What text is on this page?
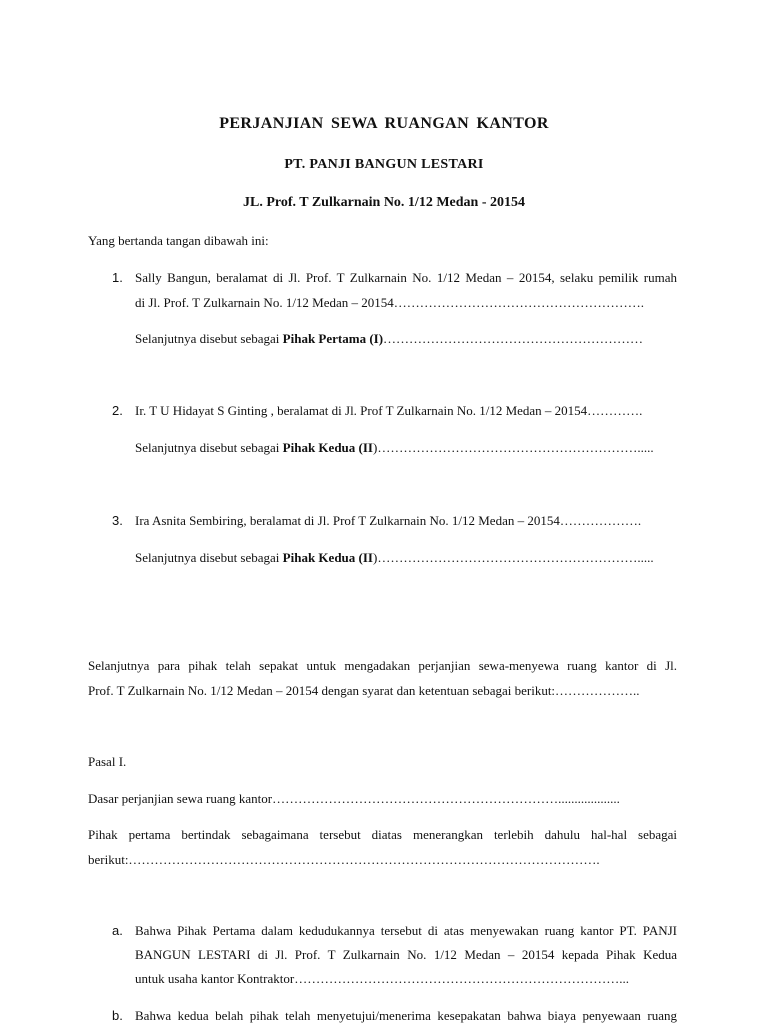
PERJANJIAN SEWA RUANGAN KANTOR
PT. PANJI BANGUN LESTARI
JL. Prof. T Zulkarnain No. 1/12 Medan - 20154
Yang bertanda tangan dibawah ini:
1. Sally Bangun, beralamat di Jl. Prof. T Zulkarnain No. 1/12 Medan – 20154, selaku pemilik rumah
di Jl. Prof. T Zulkarnain No. 1/12 Medan – 20154………………………………………………….
Selanjutnya disebut sebagai Pihak Pertama (I)……………………………………………………
2. Ir. T U Hidayat S Ginting , beralamat di Jl. Prof T Zulkarnain No. 1/12 Medan – 20154………….
Selanjutnya disebut sebagai Pihak Kedua (II)…………………………………………………….....
3. Ira Asnita Sembiring, beralamat di Jl. Prof T Zulkarnain No. 1/12 Medan – 20154……………….
Selanjutnya disebut sebagai Pihak Kedua (II)…………………………………………………….....
Selanjutnya para pihak telah sepakat untuk mengadakan perjanjian sewa-menyewa ruang kantor di Jl.
Prof. T Zulkarnain No. 1/12 Medan – 20154 dengan syarat dan ketentuan sebagai berikut:………………..
Pasal I.
Dasar perjanjian sewa ruang kantor…………………………………………………………...................
Pihak pertama bertindak sebagaimana tersebut diatas menerangkan terlebih dahulu hal-hal sebagai
berikut:……………………………………………………………………………………………….
a. Bahwa Pihak Pertama dalam kedudukannya tersebut di atas menyewakan ruang kantor PT. PANJI
BANGUN LESTARI di Jl. Prof. T Zulkarnain No. 1/12 Medan – 20154 kepada Pihak Kedua
untuk usaha kantor Kontraktor…………………………………………………………………...
b. Bahwa kedua belah pihak telah menyetujui/menerima kesepakatan bahwa biaya penyewaan ruang
